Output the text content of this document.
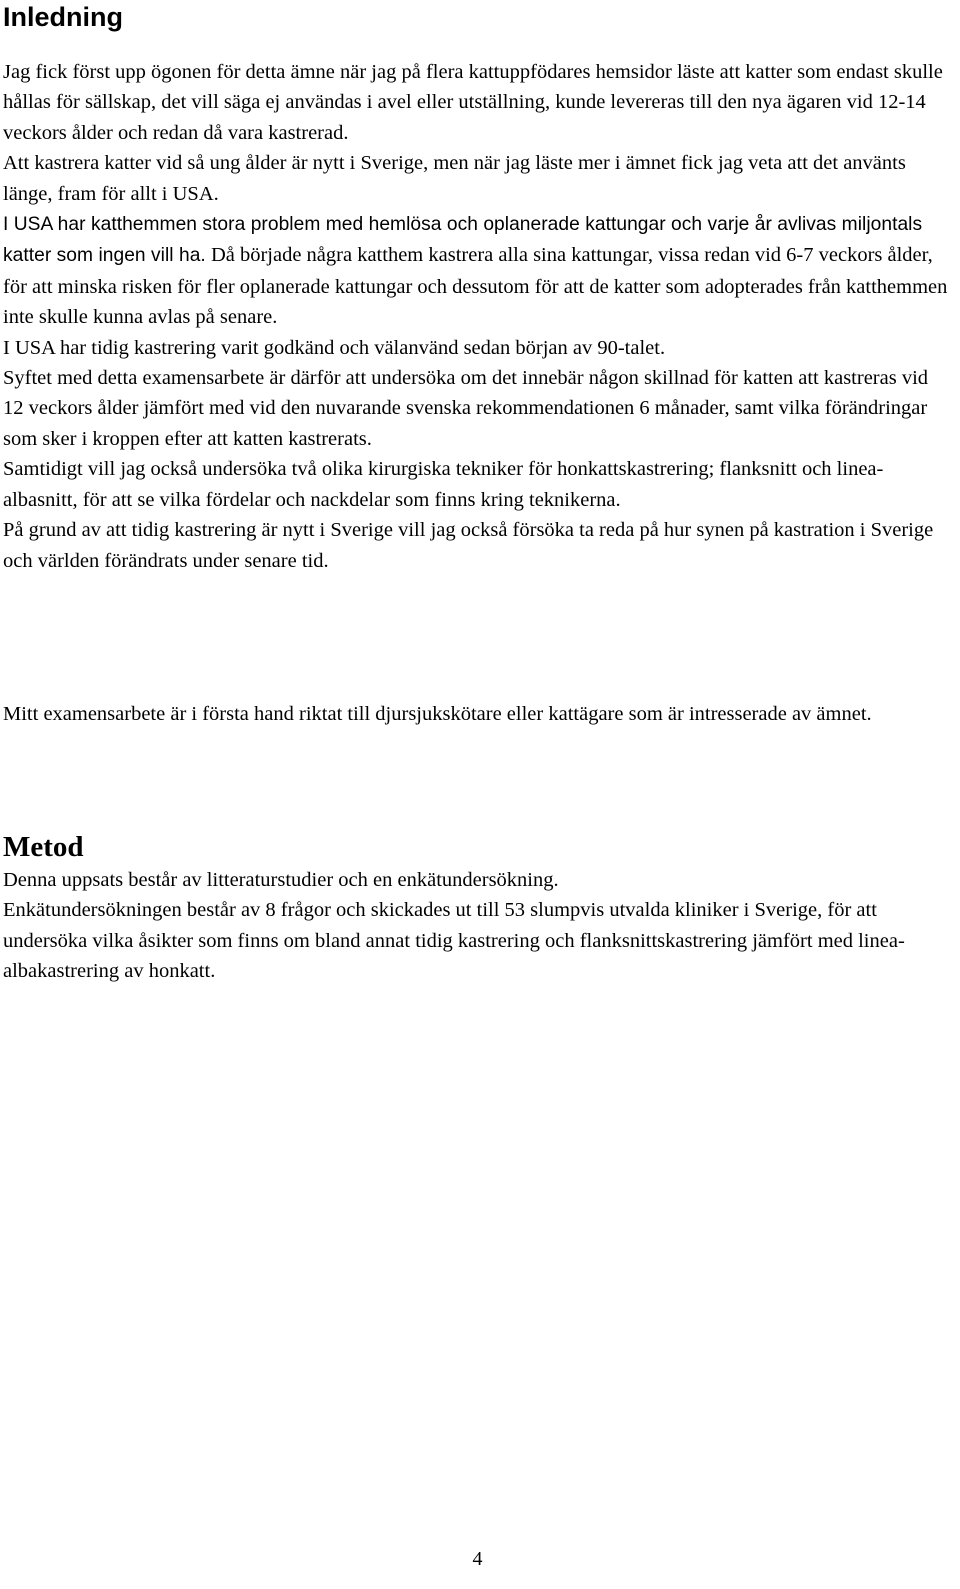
Inledning

Jag fick först upp ögonen för detta ämne när jag på flera kattuppfödares hemsidor läste att katter som endast skulle hållas för sällskap, det vill säga ej användas i avel eller utställning, kunde levereras till den nya ägaren vid 12-14 veckors ålder och redan då vara kastrerad.

Att kastrera katter vid så ung ålder är nytt i Sverige, men när jag läste mer i ämnet fick jag veta att det använts länge, fram för allt i USA.

I USA har katthemmen stora problem med hemlösa och oplanerade kattungar och varje år avlivas miljontals katter som ingen vill ha. Då började några katthem kastrera alla sina kattungar, vissa redan vid 6-7 veckors ålder, för att minska risken för fler oplanerade kattungar och dessutom för att de katter som adopterades från katthemmen inte skulle kunna avlas på senare.

I USA har tidig kastrering varit godkänd och välanvänd sedan början av 90-talet.

Syftet med detta examensarbete är därför att undersöka om det innebär någon skillnad för katten att kastreras vid 12 veckors ålder jämfört med vid den nuvarande svenska rekommendationen 6 månader, samt vilka förändringar som sker i kroppen efter att katten kastrerats.

Samtidigt vill jag också undersöka två olika kirurgiska tekniker för honkattskastrering; flanksnitt och linea-albasnitt, för att se vilka fördelar och nackdelar som finns kring teknikerna.

På grund av att tidig kastrering är nytt i Sverige vill jag också försöka ta reda på hur synen på kastration i Sverige och världen förändrats under senare tid.

Mitt examensarbete är i första hand riktat till djursjukskötare eller kattägare som är intresserade av ämnet.

Metod

Denna uppsats består av litteraturstudier och en enkätundersökning.

Enkätundersökningen består av 8 frågor och skickades ut till 53 slumpvis utvalda kliniker i Sverige, för att undersöka vilka åsikter som finns om bland annat tidig kastrering och flanksnittskastrering jämfört med linea-albakastrering av honkatt.

4
